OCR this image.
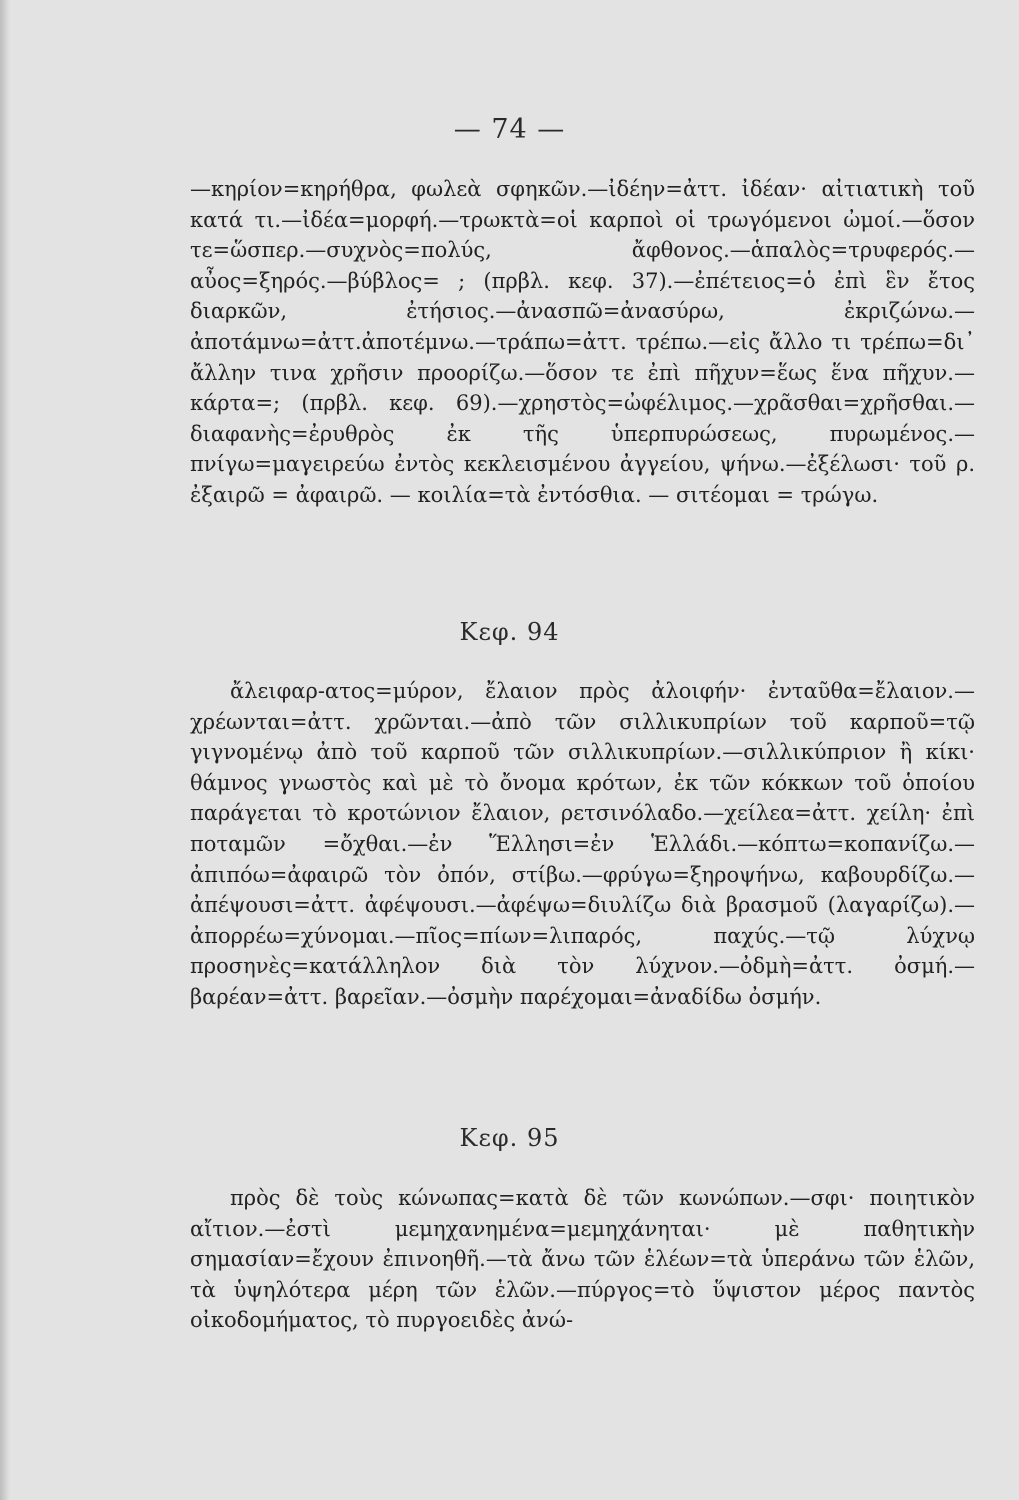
— 74 —

—κηρίον=κηρήθρα, φωλεὰ σφηκῶν.—ἰδέην=ἀττ. ἰδέαν· αἰτιατικὴ τοῦ κατά τι.—ἰδέα=μορφή.—τρωκτὰ=οἱ καρποὶ οἱ τρωγόμενοι ὠμοί.—ὅσον τε=ὥσπερ.—συχνὸς=πολύς, ἄφθονος.—ἁπαλὸς=τρυφερός.—αὖος=ξηρός.—βύβλος= ; (πρβλ. κεφ. 37).—ἐπέτειος=ὁ ἐπὶ ἓν ἔτος διαρκῶν, ἐτήσιος.—ἀνασπῶ=ἀνασύρω, ἐκριζώνω.—ἀποτάμνω=ἀττ.ἀποτέμνω.—τράπω=ἀττ. τρέπω.—εἰς ἄλλο τι τρέπω=δι᾽ ἄλλην τινα χρῆσιν προορίζω.—ὅσον τε ἐπὶ πῆχυν=ἕως ἕνα πῆχυν.—κάρτα=; (πρβλ. κεφ. 69).—χρηστὸς=ὠφέλιμος.—χρᾶσθαι=χρῆσθαι.—διαφανὴς=ἐρυθρὸς ἐκ τῆς ὑπερπυρώσεως, πυρωμένος.—πνίγω=μαγειρεύω ἐντὸς κεκλεισμένου ἀγγείου, ψήνω.—ἐξέλωσι· τοῦ ρ. ἐξαιρῶ = ἀφαιρῶ. — κοιλία=τὰ ἐντόσθια. — σιτέομαι = τρώγω.

Κεφ. 94

ἄλειφαρ-ατος=μύρον, ἔλαιον πρὸς ἀλοιφήν· ἐνταῦθα=ἔλαιον.—χρέωνται=ἀττ. χρῶνται.—ἀπὸ τῶν σιλλικυπρίων τοῦ καρποῦ=τῷ γιγνομένῳ ἀπὸ τοῦ καρποῦ τῶν σιλλικυπρίων.—σιλλικύπριον ἢ κίκι· θάμνος γνωστὸς καὶ μὲ τὸ ὄνομα κρότων, ἐκ τῶν κόκκων τοῦ ὁποίου παράγεται τὸ κροτώνιον ἔλαιον, ρετσινόλαδο.—χείλεα=ἀττ. χείλη· ἐπὶ ποταμῶν =ὄχθαι.—ἐν Ἕλλησι=ἐν Ἑλλάδι.—κόπτω=κοπανίζω.—ἀπιπόω=ἀφαιρῶ τὸν ὀπόν, στίβω.—φρύγω=ξηροψήνω, καβουρδίζω.—ἀπέψουσι=ἀττ. ἀφέψουσι.—ἀφέψω=διυλίζω διὰ βρασμοῦ (λαγαρίζω).—ἀπορρέω=χύνομαι.—πῖος=πίων=λιπαρός, παχύς.—τῷ λύχνῳ προσηνὲς=κατάλληλον διὰ τὸν λύχνον.—ὀδμὴ=ἀττ. ὀσμή.—βαρέαν=ἀττ. βαρεῖαν.—ὀσμὴν παρέχομαι=ἀναδίδω ὀσμήν.

Κεφ. 95

πρὸς δὲ τοὺς κώνωπας=κατὰ δὲ τῶν κωνώπων.—σφι· ποιητικὸν αἴτιον.—ἐστὶ μεμηχανημένα=μεμηχάνηται· μὲ παθητικὴν σημασίαν=ἔχουν ἐπινοηθῆ.—τὰ ἄνω τῶν ἑλέων=τὰ ὑπεράνω τῶν ἑλῶν, τὰ ὑψηλότερα μέρη τῶν ἑλῶν.—πύργος=τὸ ὕψιστον μέρος παντὸς οἰκοδομήματος, τὸ πυργοειδὲς ἀνώ-
